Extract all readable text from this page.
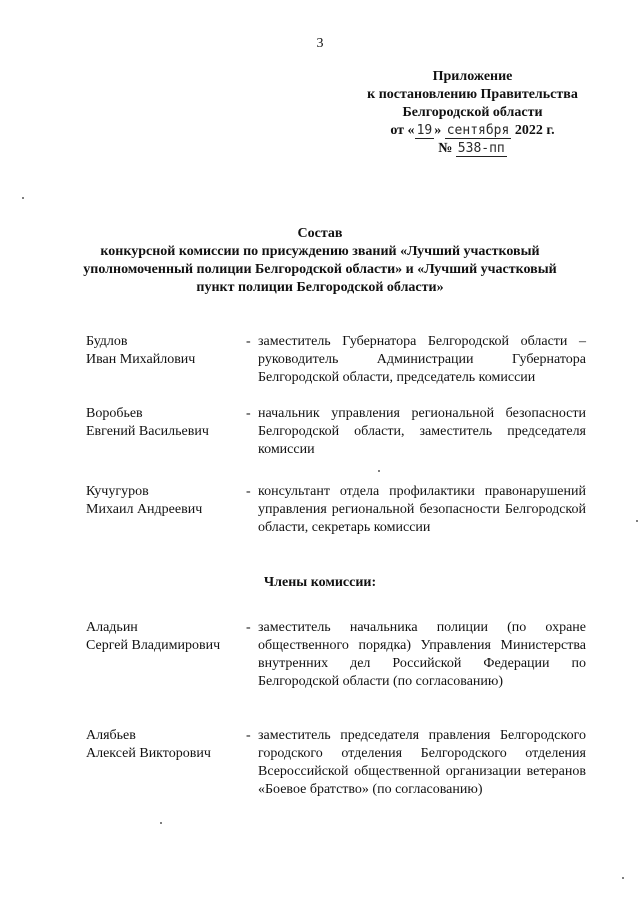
3
Приложение
к постановлению Правительства
Белгородской области
от « 19 » сентября 2022 г.
№ 538-пп
Состав
конкурсной комиссии по присуждению званий «Лучший участковый
уполномоченный полиции Белгородской области» и «Лучший участковый
пункт полиции Белгородской области»
Будлов
Иван Михайлович
- заместитель Губернатора Белгородской области – руководитель Администрации Губернатора Белгородской области, председатель комиссии
Воробьев
Евгений Васильевич
- начальник управления региональной безопасности Белгородской области, заместитель председателя комиссии
Кучугуров
Михаил Андреевич
- консультант отдела профилактики правонарушений управления региональной безопасности Белгородской области, секретарь комиссии
Аладьин
Сергей Владимирович
- заместитель начальника полиции (по охране общественного порядка) Управления Министерства внутренних дел Российской Федерации по Белгородской области (по согласованию)
Алябьев
Алексей Викторович
- заместитель председателя правления Белгородского городского отделения Белгородского отделения Всероссийской общественной организации ветеранов «Боевое братство» (по согласованию)
Члены комиссии:
